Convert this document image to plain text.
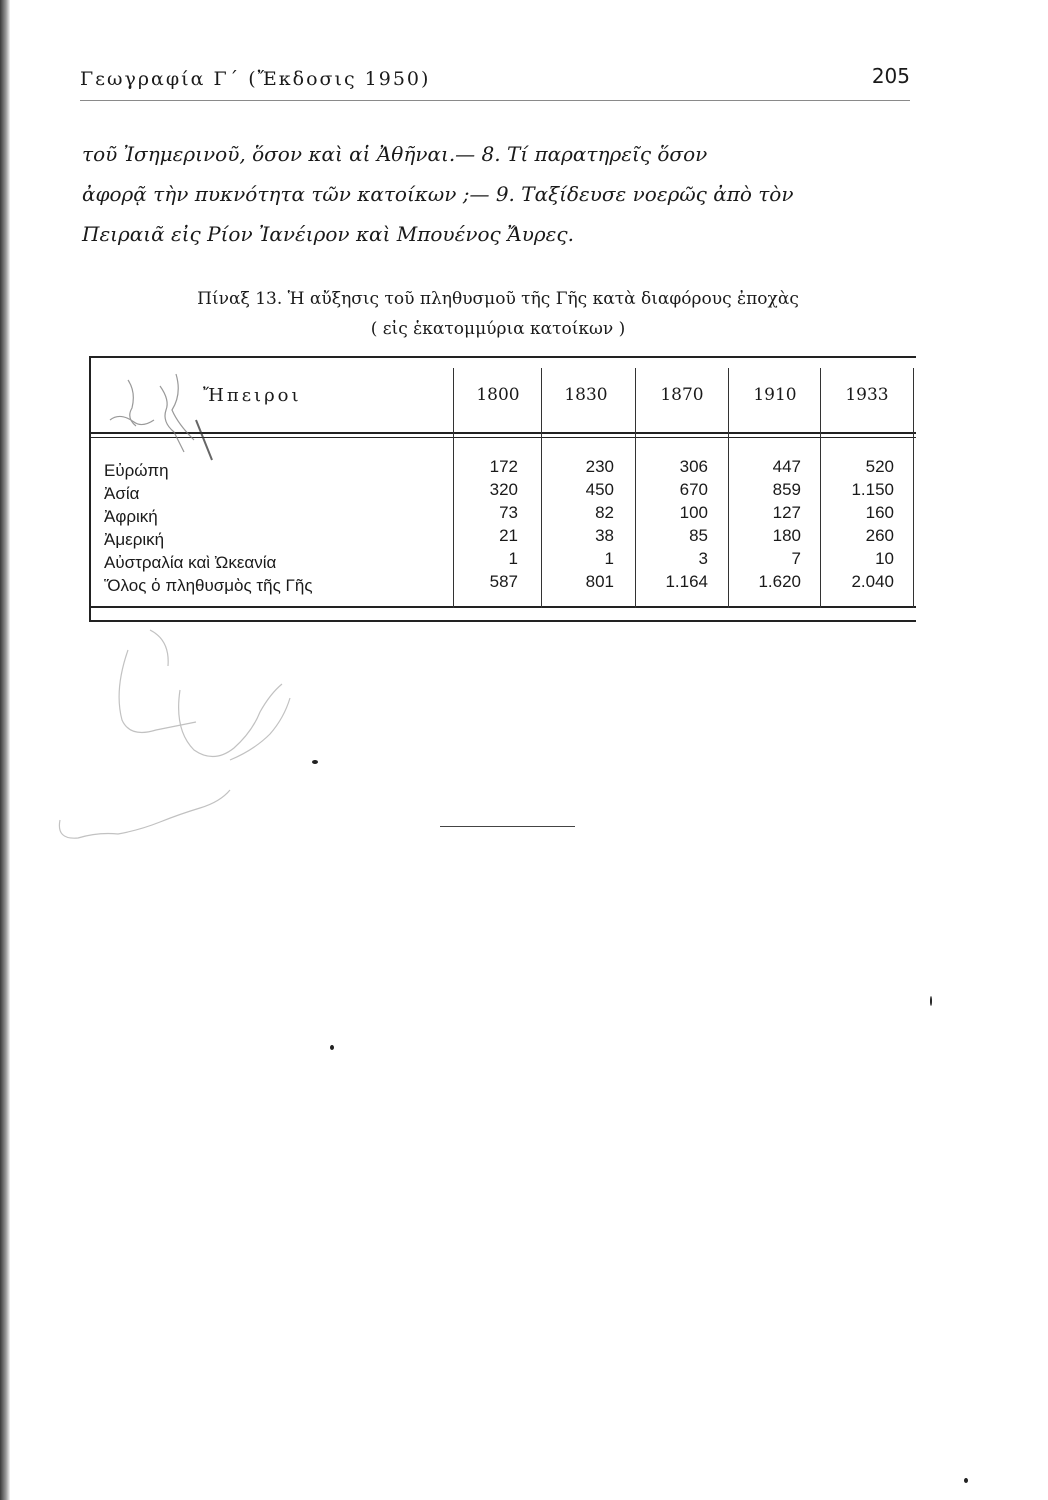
Γεωγραφία Γ΄ (Ἔκδοσις 1950)	205
τοῦ Ἰσημερινοῦ, ὅσον καὶ αἱ Ἀθῆναι.— 8. Τί παρατηρεῖς ὅσον
ἀφορᾷ τὴν πυκνότητα τῶν κατοίκων ;— 9. Ταξίδευσε νοερῶς ἀπὸ τὸν
Πειραιᾶ εἰς Ρίον Ἰανέιρον καὶ Μπουένος Ἄυρες.
Πίναξ 13. Ἡ αὔξησις τοῦ πληθυσμοῦ τῆς Γῆς κατὰ διαφόρους ἐποχὰς
( εἰς ἑκατομμύρια κατοίκων )
Ἤπειροι	1800	1830	1870	1910	1933
Εὐρώπη	172	230	306	447	520
Ἀσία	320	450	670	859	1.150
Ἀφρική	73	82	100	127	160
Ἀμερική	21	38	85	180	260
Αὐστραλία καὶ Ὠκεανία	1	1	3	7	10
Ὅλος ὁ πληθυσμὸς τῆς Γῆς	587	801	1.164	1.620	2.040
